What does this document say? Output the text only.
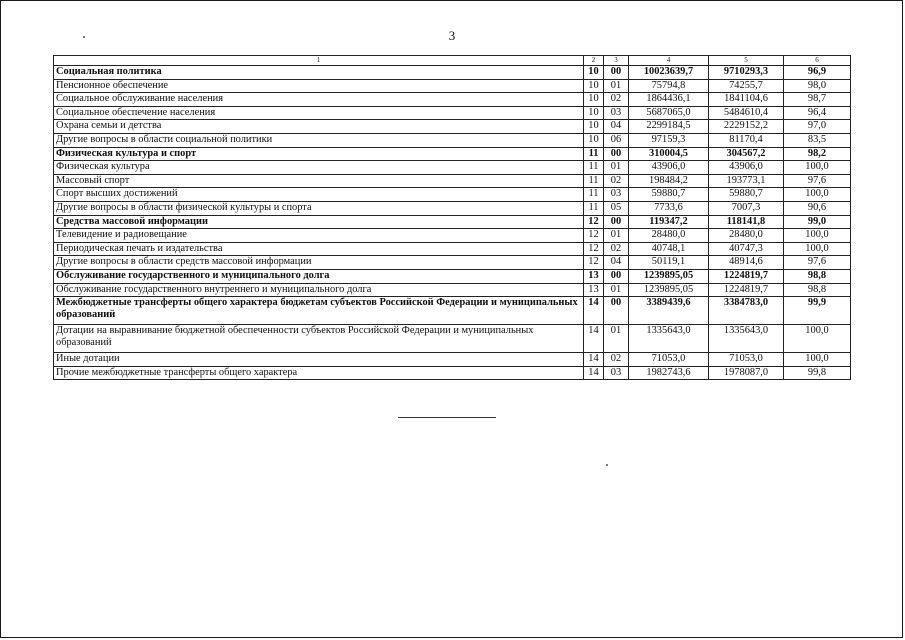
3
1	2	3	4	5	6
Социальная политика	10	00	10023639,7	9710293,3	96,9
Пенсионное обеспечение	10	01	75794,8	74255,7	98,0
Социальное обслуживание населения	10	02	1864436,1	1841104,6	98,7
Социальное обеспечение населения	10	03	5687065,0	5484610,4	96,4
Охрана семьи и детства	10	04	2299184,5	2229152,2	97,0
Другие вопросы в области социальной политики	10	06	97159,3	81170,4	83,5
Физическая культура и спорт	11	00	310004,5	304567,2	98,2
Физическая культура	11	01	43906,0	43906,0	100,0
Массовый спорт	11	02	198484,2	193773,1	97,6
Спорт высших достижений	11	03	59880,7	59880,7	100,0
Другие вопросы в области физической культуры и спорта	11	05	7733,6	7007,3	90,6
Средства массовой информации	12	00	119347,2	118141,8	99,0
Телевидение и радиовещание	12	01	28480,0	28480,0	100,0
Периодическая печать и издательства	12	02	40748,1	40747,3	100,0
Другие вопросы в области средств массовой информации	12	04	50119,1	48914,6	97,6
Обслуживание государственного и муниципального долга	13	00	1239895,05	1224819,7	98,8
Обслуживание государственного внутреннего и муниципального долга	13	01	1239895,05	1224819,7	98,8
Межбюджетные трансферты общего характера бюджетам субъектов Российской Федерации и муниципальных образований	14	00	3389439,6	3384783,0	99,9
Дотации на выравнивание бюджетной обеспеченности субъектов Российской Федерации и муниципальных образований	14	01	1335643,0	1335643,0	100,0
Иные дотации	14	02	71053,0	71053,0	100,0
Прочие межбюджетные трансферты общего характера	14	03	1982743,6	1978087,0	99,8
